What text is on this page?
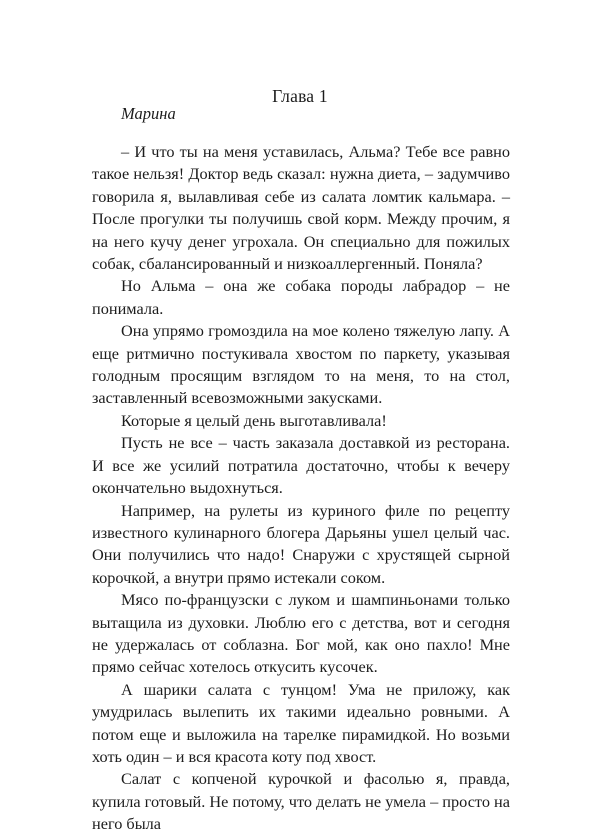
Глава 1
Марина

– И что ты на меня уставилась, Альма? Тебе все равно такое нельзя! Доктор ведь сказал: нужна диета, – задумчиво говорила я, вылавливая себе из салата ломтик кальмара. – После прогулки ты получишь свой корм. Между прочим, я на него кучу денег угрохала. Он специально для пожилых собак, сбалансированный и низкоаллергенный. Поняла?

Но Альма – она же собака породы лабрадор – не понимала.

Она упрямо громоздила на мое колено тяжелую лапу. А еще ритмично постукивала хвостом по паркету, указывая голодным просящим взглядом то на меня, то на стол, заставленный всевозможными закусками.

Которые я целый день выготавливала!

Пусть не все – часть заказала доставкой из ресторана. И все же усилий потратила достаточно, чтобы к вечеру окончательно выдохнуться.

Например, на рулеты из куриного филе по рецепту известного кулинарного блогера Дарьяны ушел целый час. Они получились что надо! Снаружи с хрустящей сырной корочкой, а внутри прямо истекали соком.

Мясо по-французски с луком и шампиньонами только вытащила из духовки. Люблю его с детства, вот и сегодня не удержалась от соблазна. Бог мой, как оно пахло! Мне прямо сейчас хотелось откусить кусочек.

А шарики салата с тунцом! Ума не приложу, как умудрилась вылепить их такими идеально ровными. А потом еще и выложила на тарелке пирамидкой. Но возьми хоть один – и вся красота коту под хвост.

Салат с копченой курочкой и фасолью я, правда, купила готовый. Не потому, что делать не умела – просто на него была
